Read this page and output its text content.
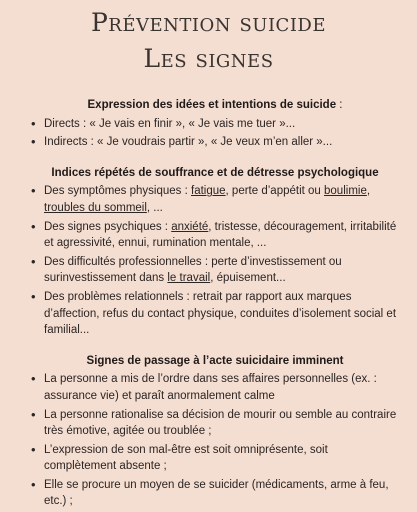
Prévention suicide
Les signes
Expression des idées et intentions de suicide :
• Directs : « Je vais en finir », « Je vais me tuer »...
• Indirects : « Je voudrais partir », « Je veux m’en aller »...
Indices répétés de souffrance et de détresse psychologique
• Des symptômes physiques : fatigue, perte d’appétit ou boulimie, troubles du sommeil, ...
• Des signes psychiques : anxiété, tristesse, découragement, irritabilité et agressivité, ennui, rumination mentale, ...
• Des difficultés professionnelles : perte d’investissement ou surinvestissement dans le travail, épuisement...
• Des problèmes relationnels : retrait par rapport aux marques d’affection, refus du contact physique, conduites d’isolement social et familial...
Signes de passage à l’acte suicidaire imminent
• La personne a mis de l’ordre dans ses affaires personnelles (ex. : assurance vie) et paraît anormalement calme
• La personne rationalise sa décision de mourir ou semble au contraire très émotive, agitée ou troublée ;
• L’expression de son mal-être est soit omniprésente, soit complètement absente ;
• Elle se procure un moyen de se suicider (médicaments, arme à feu, etc.) ;
